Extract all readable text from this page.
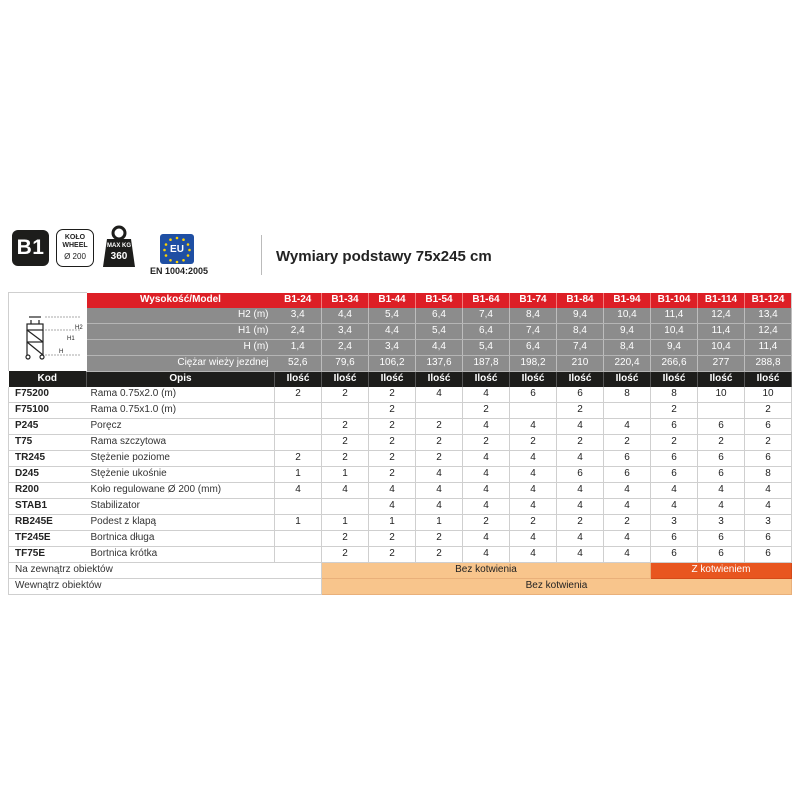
B1	KOŁO WHEEL
Ø 200
MAX KG
360
EU
EN 1004:2005
Wymiary podstawy 75x245 cm
H2
H1
H	Wysokość/Model	B1-24	B1-34	B1-44	B1-54	B1-64	B1-74	B1-84	B1-94	B1-104	B1-114	B1-124
	H2 (m)	3,4	4,4	5,4	6,4	7,4	8,4	9,4	10,4	11,4	12,4	13,4
	H1 (m)	2,4	3,4	4,4	5,4	6,4	7,4	8,4	9,4	10,4	11,4	12,4
	H (m)	1,4	2,4	3,4	4,4	5,4	6,4	7,4	8,4	9,4	10,4	11,4
	Ciężar wieży jezdnej	52,6	79,6	106,2	137,6	187,8	198,2	210	220,4	266,6	277	288,8
Kod	Opis	Ilość	Ilość	Ilość	Ilość	Ilość	Ilość	Ilość	Ilość	Ilość	Ilość	Ilość
F75200	Rama 0.75x2.0 (m)	2	2	2	4	4	6	6	8	8	10	10
F75100	Rama 0.75x1.0 (m)			2		2		2		2		2
P245	Poręcz		2	2	2	4	4	4	4	6	6	6
T75	Rama szczytowa		2	2	2	2	2	2	2	2	2	2
TR245	Stężenie poziome	2	2	2	2	4	4	4	6	6	6	6
D245	Stężenie ukośnie	1	1	2	4	4	4	6	6	6	6	8
R200	Koło regulowane Ø 200 (mm)	4	4	4	4	4	4	4	4	4	4	4
STAB1	Stabilizator			4	4	4	4	4	4	4	4	4
RB245E	Podest z klapą	1	1	1	1	2	2	2	2	3	3	3
TF245E	Bortnica długa		2	2	2	4	4	4	4	6	6	6
TF75E	Bortnica krótka		2	2	2	4	4	4	4	6	6	6
Na zewnątrz obiektów			Bez kotwienia							Z kotwieniem		
Wewnątrz obiektów			Bez kotwienia									
